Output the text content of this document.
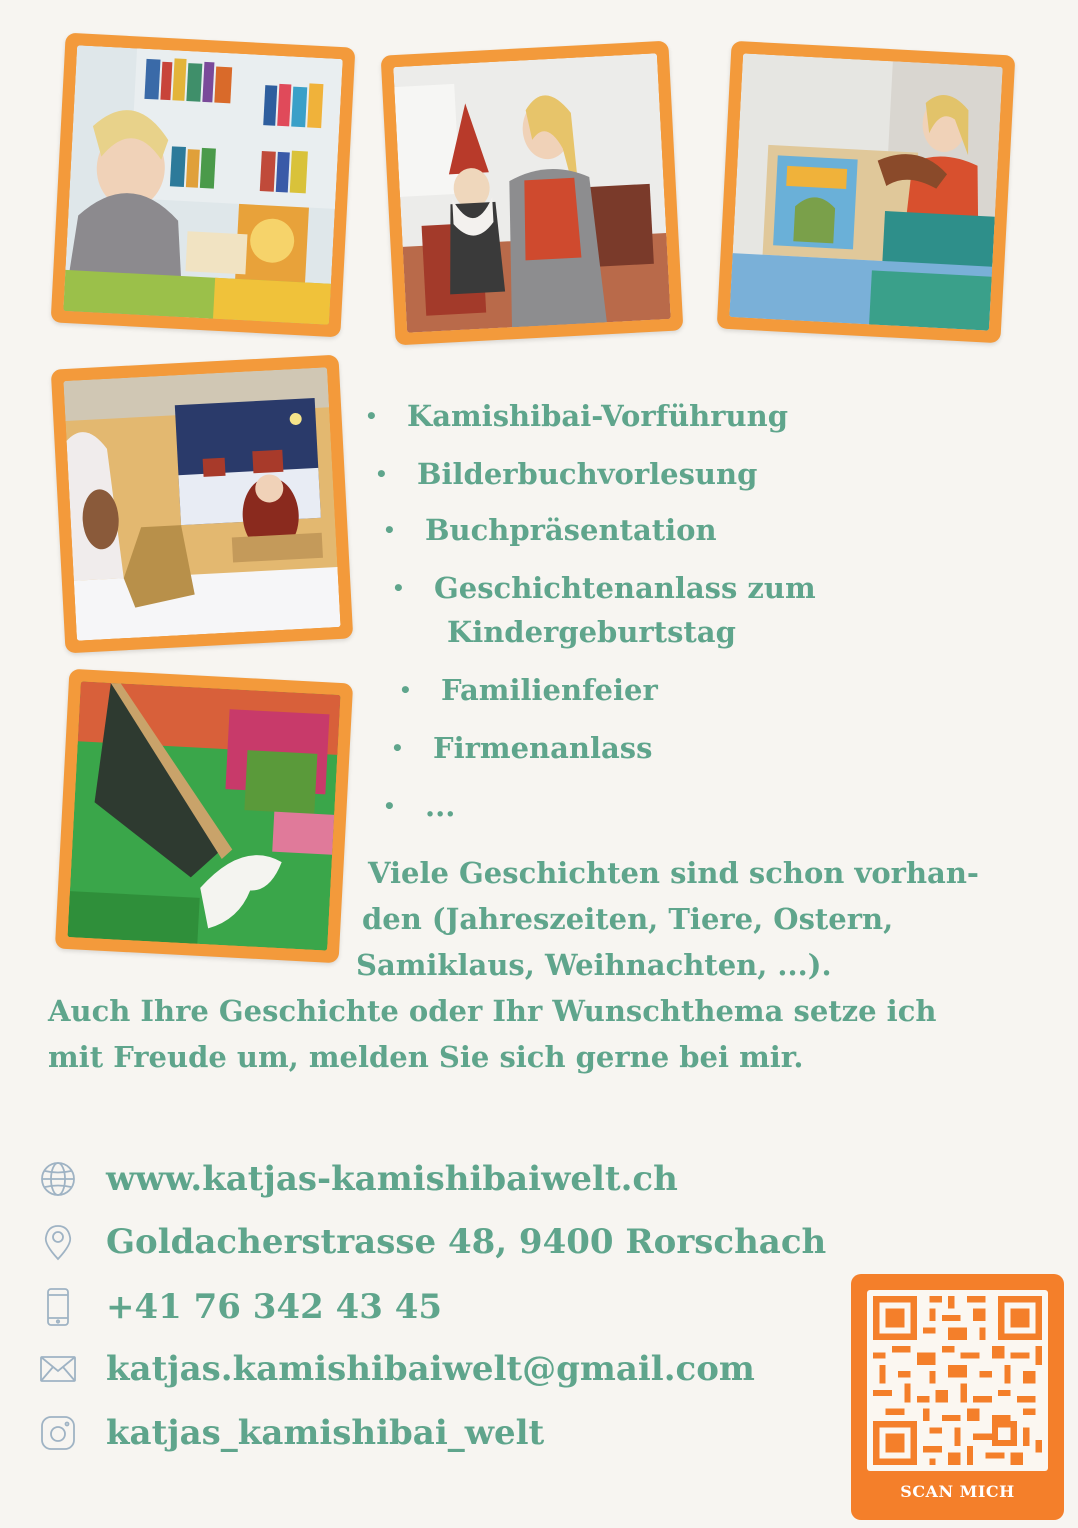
• Kamishibai-Vorführung
• Bilderbuchvorlesung
• Buchpräsentation
• Geschichtenanlass zum
Kindergeburtstag
• Familienfeier
• Firmenanlass
• ...
Viele Geschichten sind schon vorhan-
den (Jahreszeiten, Tiere, Ostern,
Samiklaus, Weihnachten, ...).
Auch Ihre Geschichte oder Ihr Wunschthema setze ich
mit Freude um, melden Sie sich gerne bei mir.
www.katjas-kamishibaiwelt.ch
Goldacherstrasse 48, 9400 Rorschach
+41 76 342 43 45
katjas.kamishibaiwelt@gmail.com
katjas_kamishibai_welt
SCAN MICH
